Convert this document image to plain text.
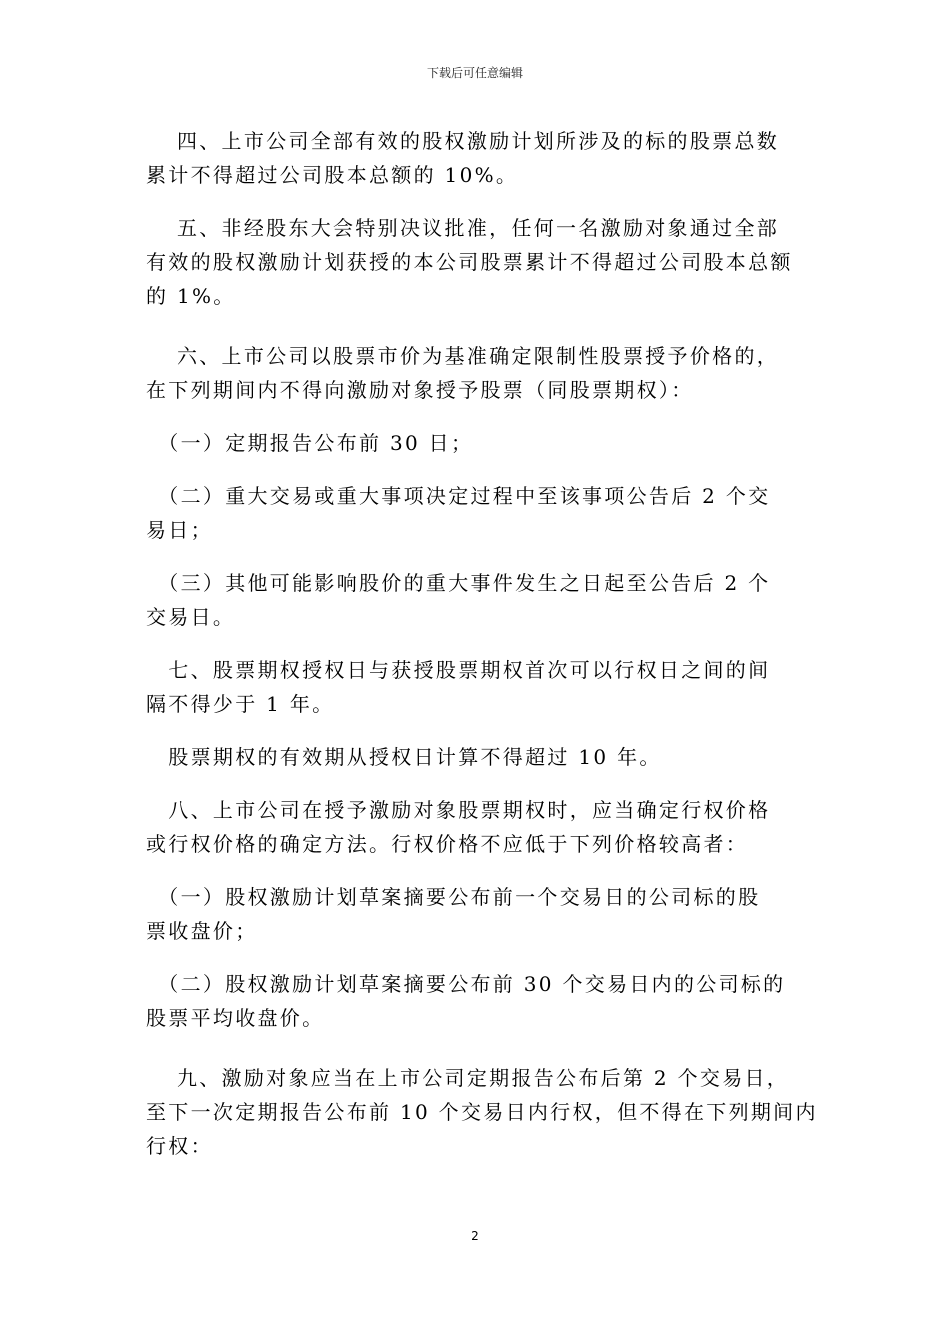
下载后可任意编辑
　 四、上市公司全部有效的股权激励计划所涉及的标的股票总数
累计不得超过公司股本总额的 10%。
　 五、非经股东大会特别决议批准，任何一名激励对象通过全部
有效的股权激励计划获授的本公司股票累计不得超过公司股本总额
的 1%。
　 六、上市公司以股票市价为基准确定限制性股票授予价格的，
在下列期间内不得向激励对象授予股票（同股票期权）：
　（一）定期报告公布前 30 日；
　（二）重大交易或重大事项决定过程中至该事项公告后 2 个交
易日；
　（三）其他可能影响股价的重大事件发生之日起至公告后 2 个
交易日。
　七、股票期权授权日与获授股票期权首次可以行权日之间的间
隔不得少于 1 年。
　股票期权的有效期从授权日计算不得超过 10 年。
　八、上市公司在授予激励对象股票期权时，应当确定行权价格
或行权价格的确定方法。行权价格不应低于下列价格较高者：
　（一）股权激励计划草案摘要公布前一个交易日的公司标的股
票收盘价；
　（二）股权激励计划草案摘要公布前 30 个交易日内的公司标的
股票平均收盘价。
　 九、激励对象应当在上市公司定期报告公布后第 2 个交易日，
至下一次定期报告公布前 10 个交易日内行权，但不得在下列期间内
行权：
2
